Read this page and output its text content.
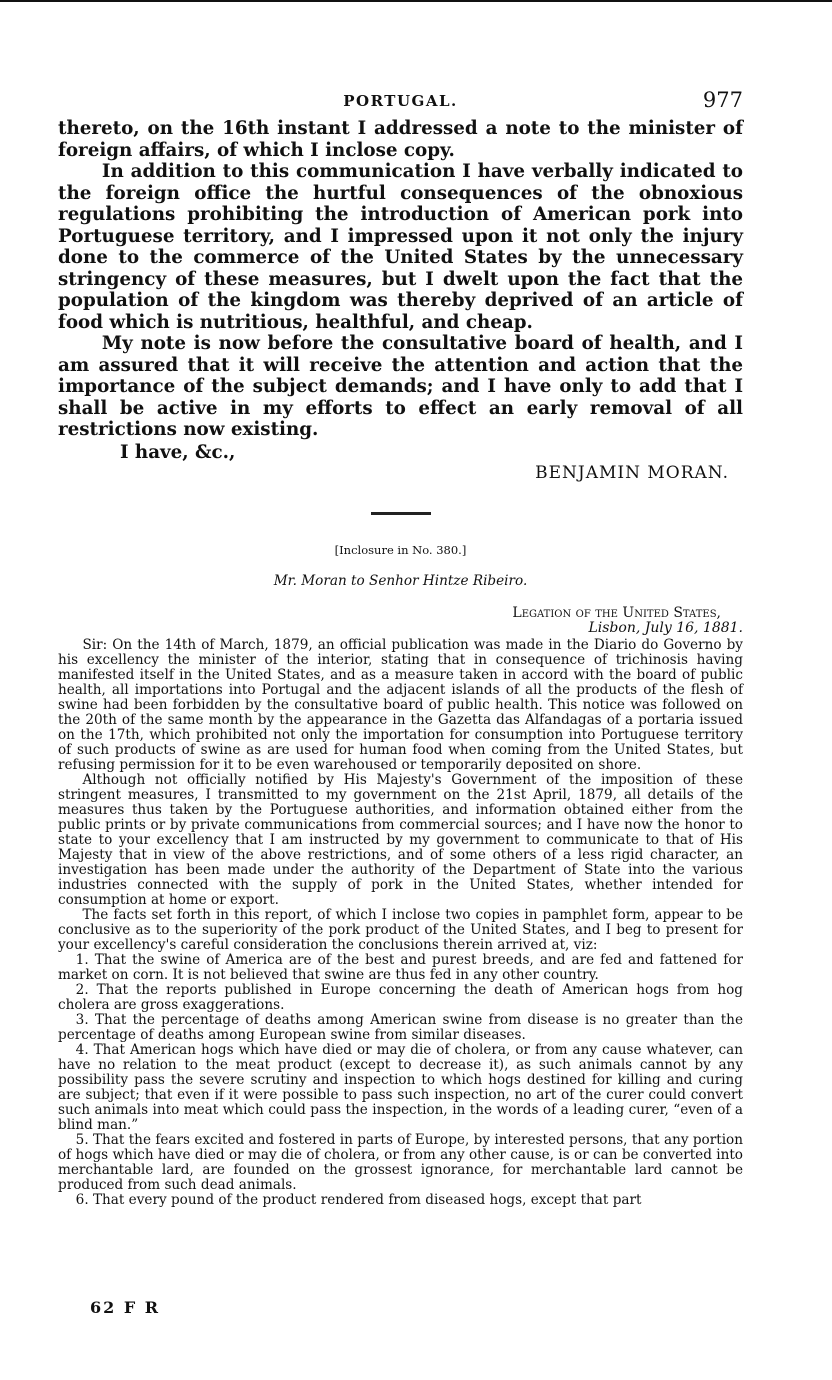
PORTUGAL.	977

thereto, on the 16th instant I addressed a note to the minister of foreign affairs, of which I inclose copy.

In addition to this communication I have verbally indicated to the foreign office the hurtful consequences of the obnoxious regulations prohibiting the introduction of American pork into Portuguese territory, and I impressed upon it not only the injury done to the commerce of the United States by the unnecessary stringency of these measures, but I dwelt upon the fact that the population of the kingdom was thereby deprived of an article of food which is nutritious, healthful, and cheap.

My note is now before the consultative board of health, and I am assured that it will receive the attention and action that the importance of the subject demands; and I have only to add that I shall be active in my efforts to effect an early removal of all restrictions now existing.

I have, &c.,
BENJAMIN MORAN.

[Inclosure in No. 380.]

Mr. Moran to Senhor Hintze Ribeiro.

Legation of the United States,

Lisbon, July 16, 1881.

Sir: On the 14th of March, 1879, an official publication was made in the Diario do Governo by his excellency the minister of the interior, stating that in consequence of trichinosis having manifested itself in the United States, and as a measure taken in accord with the board of public health, all importations into Portugal and the adjacent islands of all the products of the flesh of swine had been forbidden by the consultative board of public health. This notice was followed on the 20th of the same month by the appearance in the Gazetta das Alfandagas of a portaria issued on the 17th, which prohibited not only the importation for consumption into Portuguese territory of such products of swine as are used for human food when coming from the United States, but refusing permission for it to be even warehoused or temporarily deposited on shore.

Although not officially notified by His Majesty's Government of the imposition of these stringent measures, I transmitted to my government on the 21st April, 1879, all details of the measures thus taken by the Portuguese authorities, and information obtained either from the public prints or by private communications from commercial sources; and I have now the honor to state to your excellency that I am instructed by my government to communicate to that of His Majesty that in view of the above restrictions, and of some others of a less rigid character, an investigation has been made under the authority of the Department of State into the various industries connected with the supply of pork in the United States, whether intended for consumption at home or export.

The facts set forth in this report, of which I inclose two copies in pamphlet form, appear to be conclusive as to the superiority of the pork product of the United States, and I beg to present for your excellency's careful consideration the conclusions therein arrived at, viz:

1. That the swine of America are of the best and purest breeds, and are fed and fattened for market on corn. It is not believed that swine are thus fed in any other country.

2. That the reports published in Europe concerning the death of American hogs from hog cholera are gross exaggerations.

3. That the percentage of deaths among American swine from disease is no greater than the percentage of deaths among European swine from similar diseases.

4. That American hogs which have died or may die of cholera, or from any cause whatever, can have no relation to the meat product (except to decrease it), as such animals cannot by any possibility pass the severe scrutiny and inspection to which hogs destined for killing and curing are subject; that even if it were possible to pass such inspection, no art of the curer could convert such animals into meat which could pass the inspection, in the words of a leading curer, “even of a blind man.”

5. That the fears excited and fostered in parts of Europe, by interested persons, that any portion of hogs which have died or may die of cholera, or from any other cause, is or can be converted into merchantable lard, are founded on the grossest ignorance, for merchantable lard cannot be produced from such dead animals.

6. That every pound of the product rendered from diseased hogs, except that part

62 F R
